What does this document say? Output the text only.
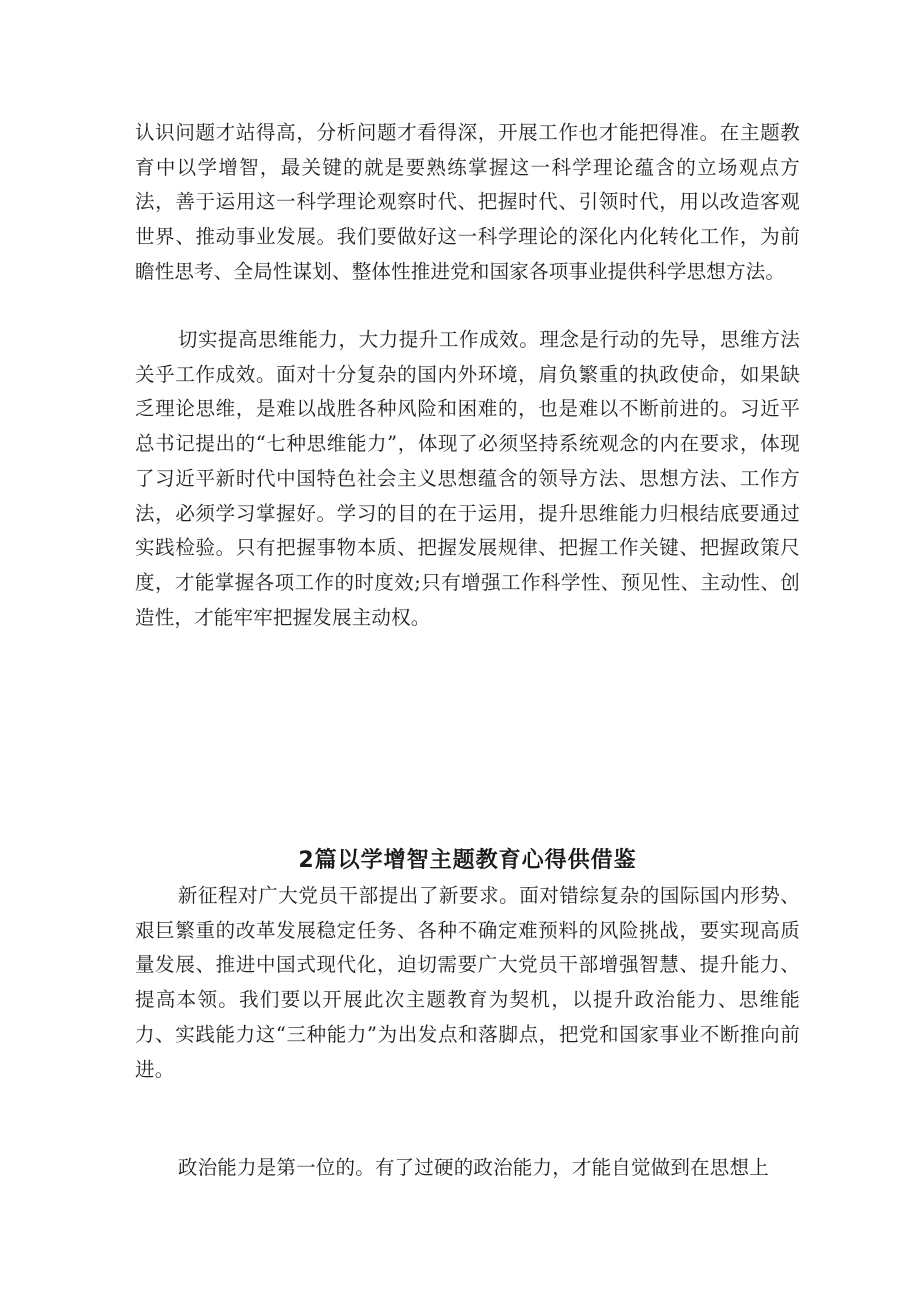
认识问题才站得高，分析问题才看得深，开展工作也才能把得准。在主题教育中以学增智，最关键的就是要熟练掌握这一科学理论蕴含的立场观点方法，善于运用这一科学理论观察时代、把握时代、引领时代，用以改造客观世界、推动事业发展。我们要做好这一科学理论的深化内化转化工作，为前瞻性思考、全局性谋划、整体性推进党和国家各项事业提供科学思想方法。

切实提高思维能力，大力提升工作成效。理念是行动的先导，思维方法关乎工作成效。面对十分复杂的国内外环境，肩负繁重的执政使命，如果缺乏理论思维，是难以战胜各种风险和困难的，也是难以不断前进的。习近平总书记提出的“七种思维能力”，体现了必须坚持系统观念的内在要求，体现了习近平新时代中国特色社会主义思想蕴含的领导方法、思想方法、工作方法，必须学习掌握好。学习的目的在于运用，提升思维能力归根结底要通过实践检验。只有把握事物本质、把握发展规律、把握工作关键、把握政策尺度，才能掌握各项工作的时度效;只有增强工作科学性、预见性、主动性、创造性，才能牢牢把握发展主动权。

2篇以学增智主题教育心得供借鉴

新征程对广大党员干部提出了新要求。面对错综复杂的国际国内形势、艰巨繁重的改革发展稳定任务、各种不确定难预料的风险挑战，要实现高质量发展、推进中国式现代化，迫切需要广大党员干部增强智慧、提升能力、提高本领。我们要以开展此次主题教育为契机，以提升政治能力、思维能力、实践能力这“三种能力”为出发点和落脚点，把党和国家事业不断推向前进。

政治能力是第一位的。有了过硬的政治能力，才能自觉做到在思想上
